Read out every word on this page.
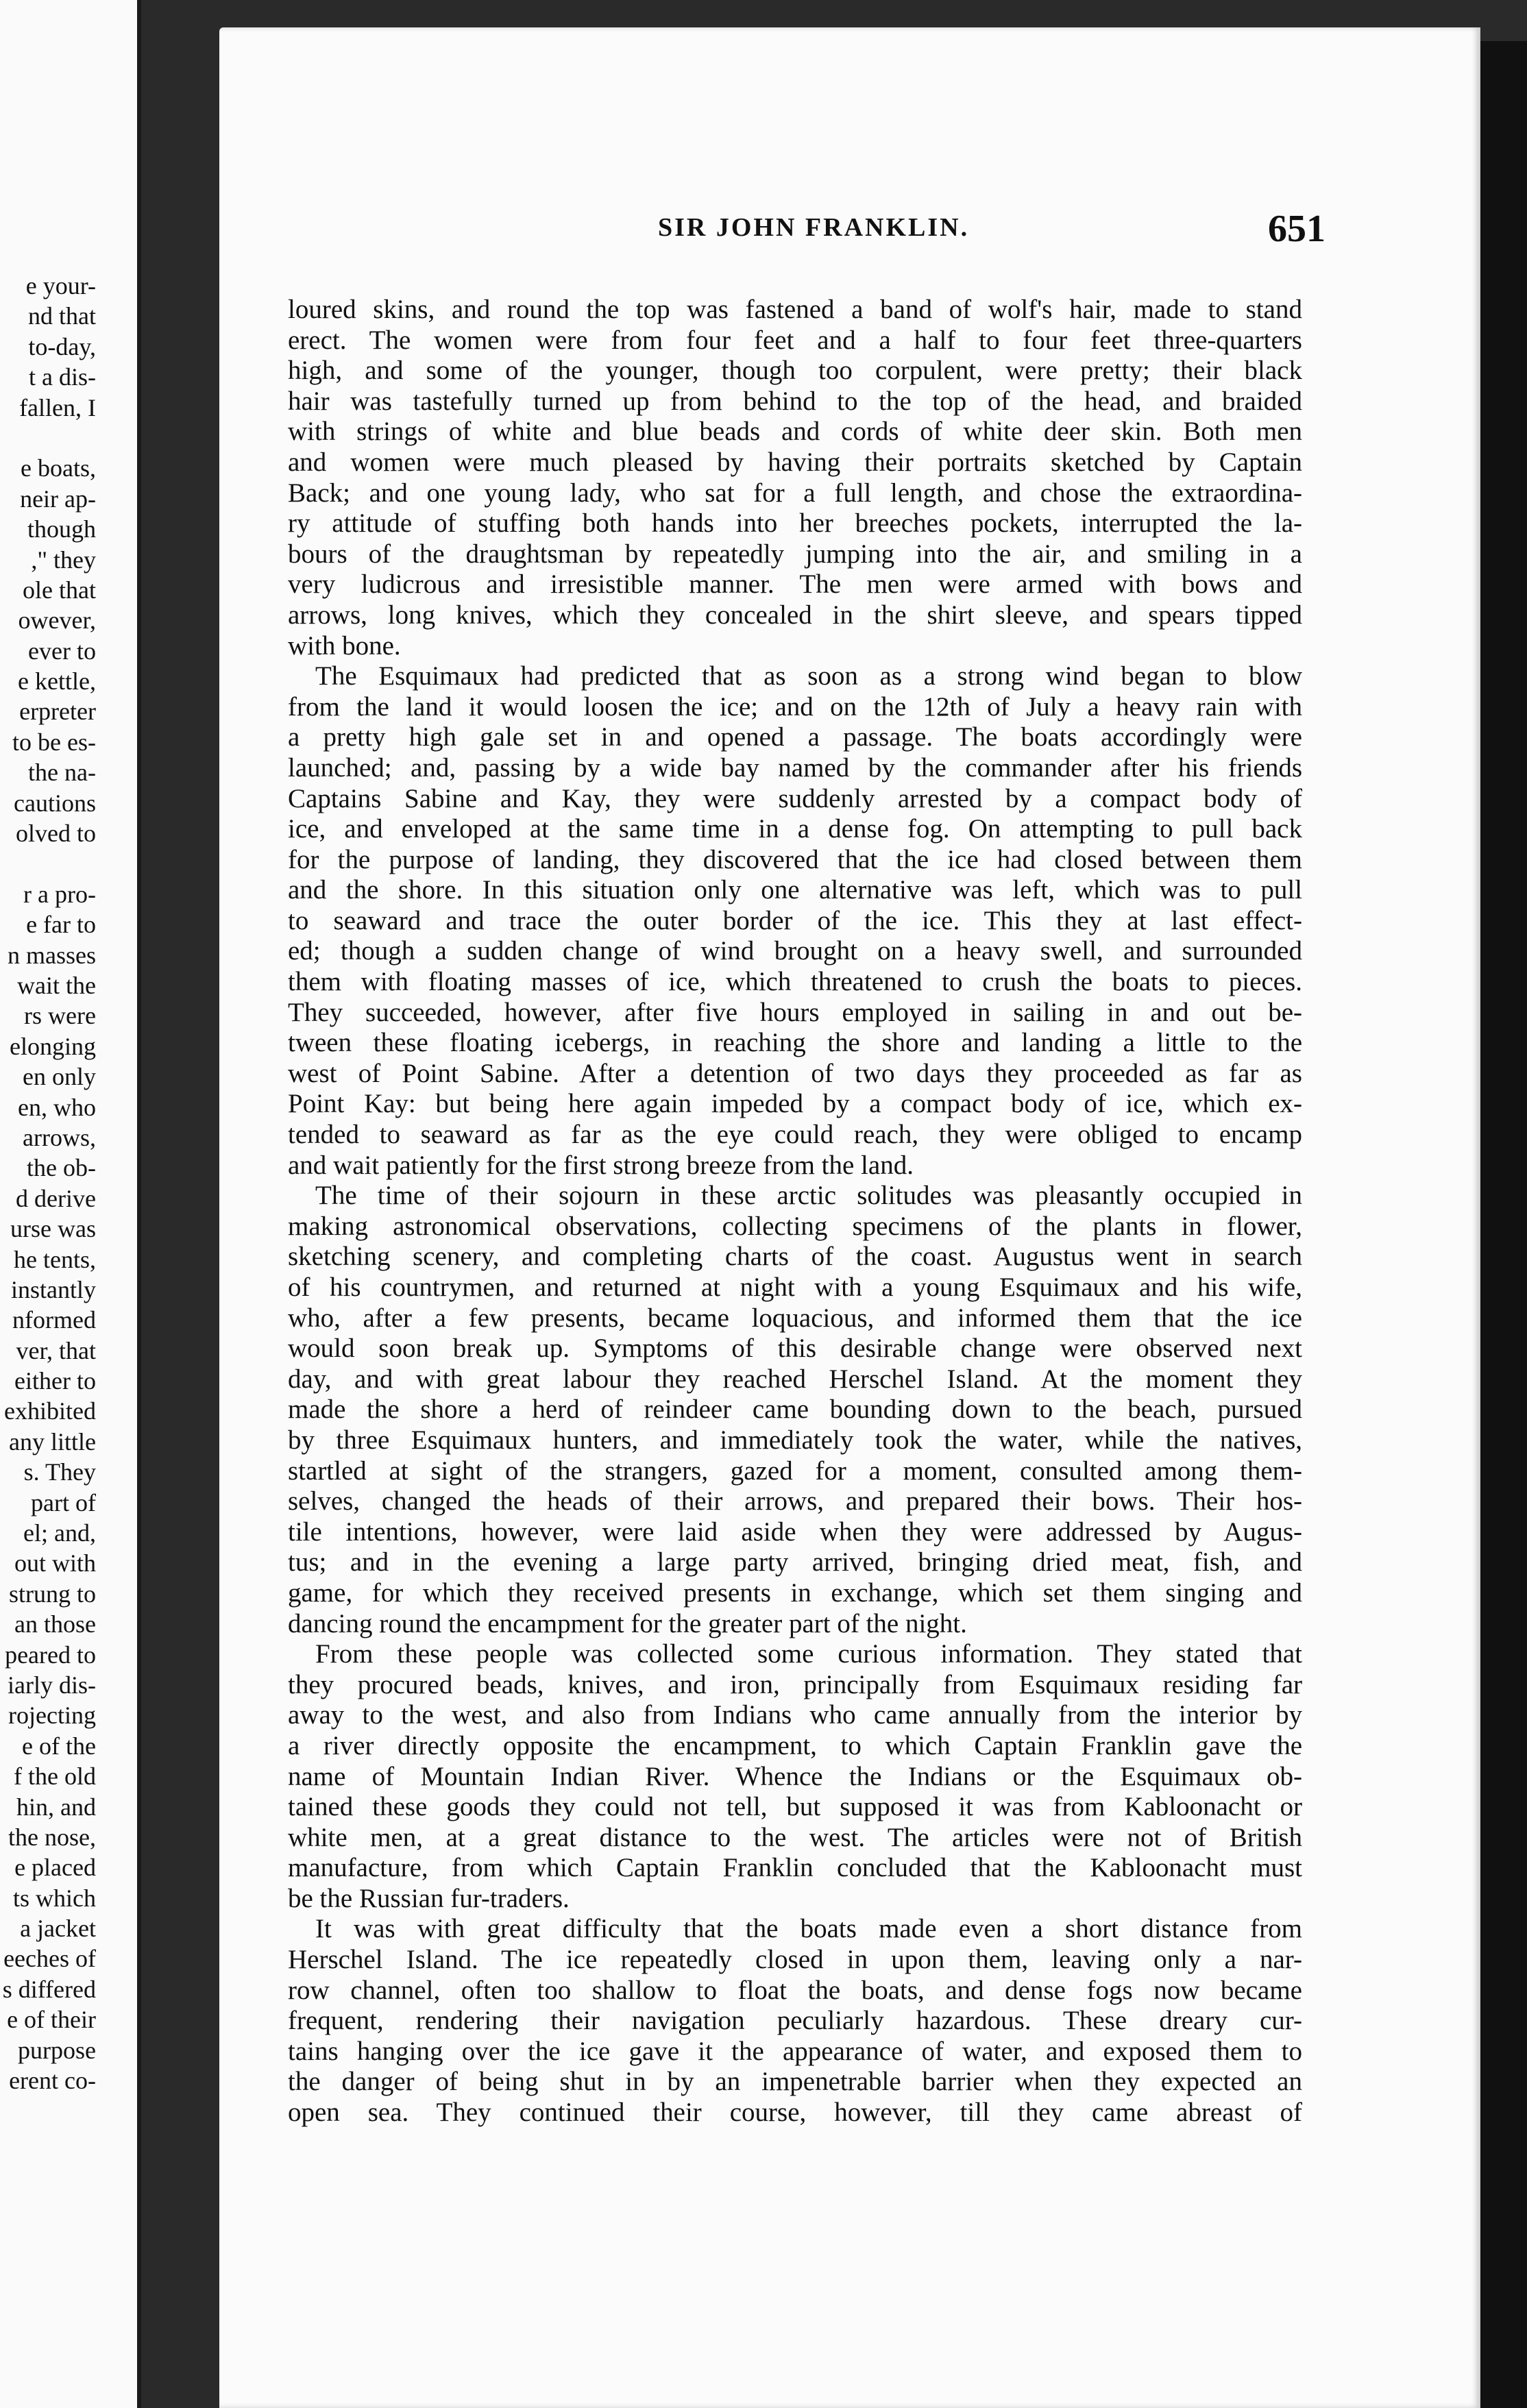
e your-
nd that
to-day,
t a dis-
fallen, I
e boats,
neir ap-
though
," they
ole that
owever,
ever to
e kettle,
erpreter
to be es-
the na-
cautions
olved to
r a pro-
e far to
n masses
wait the
rs were
elonging
en only
en, who
arrows,
the ob-
d derive
urse was
he tents,
instantly
nformed
ver, that
either to
exhibited
any little
s. They
part of
el; and,
out with
strung to
an those
peared to
iarly dis-
rojecting
e of the
f the old
hin, and
the nose,
e placed
ts which
a jacket
eeches of
s differed
e of their
purpose
erent co-
SIR JOHN FRANKLIN.	651
loured skins, and round the top was fastened a band of wolf's hair, made to stand
erect. The women were from four feet and a half to four feet three-quarters
high, and some of the younger, though too corpulent, were pretty; their black
hair was tastefully turned up from behind to the top of the head, and braided
with strings of white and blue beads and cords of white deer skin. Both men
and women were much pleased by having their portraits sketched by Captain
Back; and one young lady, who sat for a full length, and chose the extraordina-
ry attitude of stuffing both hands into her breeches pockets, interrupted the la-
bours of the draughtsman by repeatedly jumping into the air, and smiling in a
very ludicrous and irresistible manner. The men were armed with bows and
arrows, long knives, which they concealed in the shirt sleeve, and spears tipped
with bone.
The Esquimaux had predicted that as soon as a strong wind began to blow
from the land it would loosen the ice; and on the 12th of July a heavy rain with
a pretty high gale set in and opened a passage. The boats accordingly were
launched; and, passing by a wide bay named by the commander after his friends
Captains Sabine and Kay, they were suddenly arrested by a compact body of
ice, and enveloped at the same time in a dense fog. On attempting to pull back
for the purpose of landing, they discovered that the ice had closed between them
and the shore. In this situation only one alternative was left, which was to pull
to seaward and trace the outer border of the ice. This they at last effect-
ed; though a sudden change of wind brought on a heavy swell, and surrounded
them with floating masses of ice, which threatened to crush the boats to pieces.
They succeeded, however, after five hours employed in sailing in and out be-
tween these floating icebergs, in reaching the shore and landing a little to the
west of Point Sabine. After a detention of two days they proceeded as far as
Point Kay: but being here again impeded by a compact body of ice, which ex-
tended to seaward as far as the eye could reach, they were obliged to encamp
and wait patiently for the first strong breeze from the land.
The time of their sojourn in these arctic solitudes was pleasantly occupied in
making astronomical observations, collecting specimens of the plants in flower,
sketching scenery, and completing charts of the coast. Augustus went in search
of his countrymen, and returned at night with a young Esquimaux and his wife,
who, after a few presents, became loquacious, and informed them that the ice
would soon break up. Symptoms of this desirable change were observed next
day, and with great labour they reached Herschel Island. At the moment they
made the shore a herd of reindeer came bounding down to the beach, pursued
by three Esquimaux hunters, and immediately took the water, while the natives,
startled at sight of the strangers, gazed for a moment, consulted among them-
selves, changed the heads of their arrows, and prepared their bows. Their hos-
tile intentions, however, were laid aside when they were addressed by Augus-
tus; and in the evening a large party arrived, bringing dried meat, fish, and
game, for which they received presents in exchange, which set them singing and
dancing round the encampment for the greater part of the night.
From these people was collected some curious information. They stated that
they procured beads, knives, and iron, principally from Esquimaux residing far
away to the west, and also from Indians who came annually from the interior by
a river directly opposite the encampment, to which Captain Franklin gave the
name of Mountain Indian River. Whence the Indians or the Esquimaux ob-
tained these goods they could not tell, but supposed it was from Kabloonacht or
white men, at a great distance to the west. The articles were not of British
manufacture, from which Captain Franklin concluded that the Kabloonacht must
be the Russian fur-traders.
It was with great difficulty that the boats made even a short distance from
Herschel Island. The ice repeatedly closed in upon them, leaving only a nar-
row channel, often too shallow to float the boats, and dense fogs now became
frequent, rendering their navigation peculiarly hazardous. These dreary cur-
tains hanging over the ice gave it the appearance of water, and exposed them to
the danger of being shut in by an impenetrable barrier when they expected an
open sea. They continued their course, however, till they came abreast of
